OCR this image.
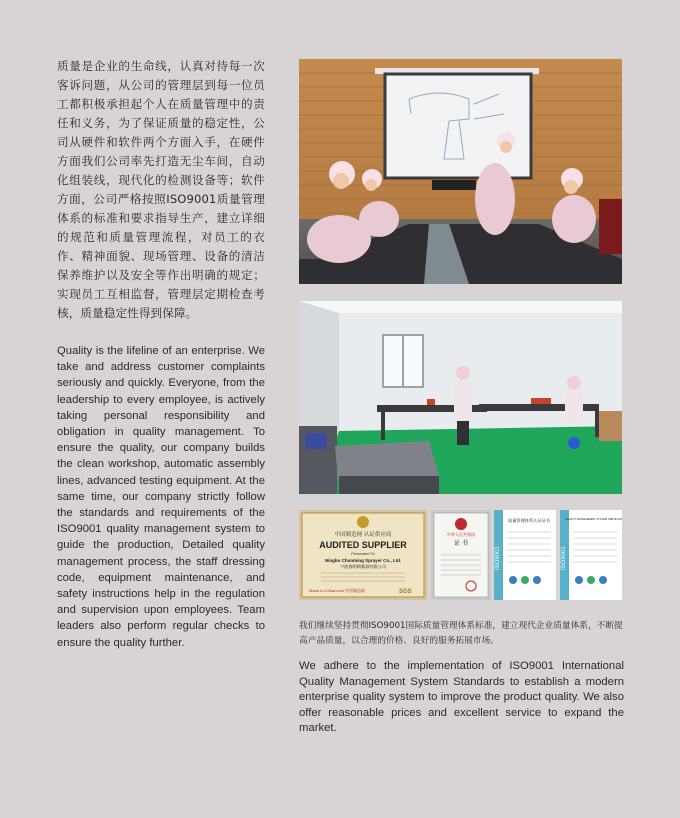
质量是企业的生命线，认真对待每一次客诉问题，从公司的管理层到每一位员工都积极承担起个人在质量管理中的责任和义务，为了保证质量的稳定性，公司从硬件和软件两个方面入手，在硬件方面我们公司率先打造无尘车间，自动化组装线，现代化的检测设备等；软件方面，公司严格按照ISO9001质量管理体系的标准和要求指导生产，建立详细的规范和质量管理流程，对员工的衣作、精神面貌、现场管理、设备的清洁保养维护以及安全等作出明确的规定；实现员工互相监督，管理层定期检查考核，质量稳定性得到保障。
Quality is the lifeline of an enterprise. We take and address customer complaints seriously and quickly. Everyone, from the leadership to every employee, is actively taking personal responsibility and obligation in quality management. To ensure the quality, our company builds the clean workshop, automatic assembly lines, advanced testing equipment. At the same time, our company strictly follow the standards and requirements of the ISO9001 quality management system to guide the production, Detailed quality management process, the staff dressing code, equipment maintenance, and safety instructions help in the regulation and supervision upon employees. Team leaders also perform regular checks to ensure the quality further.
中国制造网 认证供应商
AUDITED SUPPLIER
Presented To
Ningbo Chunming Sprayer Co., Ltd.
宁波春明喷雾器有限公司
Made-in-China.com 中国制造网	SGS
中华人民共和国
证 书
ISO9001
质量管理体系认证证书
ISO9001
QUALITY MANAGEMENT SYSTEM CERTIFICATE
我们继续坚持贯彻ISO9001国际质量管理体系标准，建立现代企业质量体系，不断提高产品质量，以合理的价格、良好的服务拓展市场。
We adhere to the implementation of ISO9001 International Quality Management System Standards to establish a modern enterprise quality system to improve the product quality. We also offer reasonable prices and excellent service to expand the market.
